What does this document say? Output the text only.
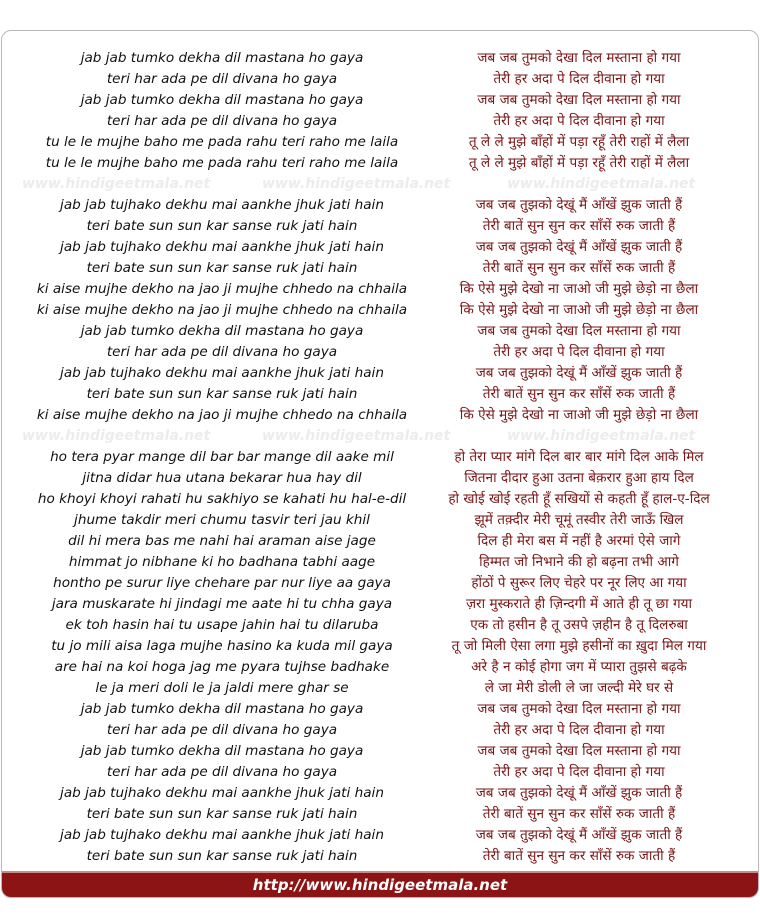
www.hindigeetmala.net	www.hindigeetmala.net	www.hindigeetmala.net
www.hindigeetmala.net	www.hindigeetmala.net	www.hindigeetmala.net
jab jab tumko dekha dil mastana ho gaya
teri har ada pe dil divana ho gaya
jab jab tumko dekha dil mastana ho gaya
teri har ada pe dil divana ho gaya
tu le le mujhe baho me pada rahu teri raho me laila
tu le le mujhe baho me pada rahu teri raho me laila
jab jab tujhako dekhu mai aankhe jhuk jati hain
teri bate sun sun kar sanse ruk jati hain
jab jab tujhako dekhu mai aankhe jhuk jati hain
teri bate sun sun kar sanse ruk jati hain
ki aise mujhe dekho na jao ji mujhe chhedo na chhaila
ki aise mujhe dekho na jao ji mujhe chhedo na chhaila
jab jab tumko dekha dil mastana ho gaya
teri har ada pe dil divana ho gaya
jab jab tujhako dekhu mai aankhe jhuk jati hain
teri bate sun sun kar sanse ruk jati hain
ki aise mujhe dekho na jao ji mujhe chhedo na chhaila
ho tera pyar mange dil bar bar mange dil aake mil
jitna didar hua utana bekarar hua hay dil
ho khoyi khoyi rahati hu sakhiyo se kahati hu hal-e-dil
jhume takdir meri chumu tasvir teri jau khil
dil hi mera bas me nahi hai araman aise jage
himmat jo nibhane ki ho badhana tabhi aage
hontho pe surur liye chehare par nur liye aa gaya
jara muskarate hi jindagi me aate hi tu chha gaya
ek toh hasin hai tu usape jahin hai tu dilaruba
tu jo mili aisa laga mujhe hasino ka kuda mil gaya
are hai na koi hoga jag me pyara tujhse badhake
le ja meri doli le ja jaldi mere ghar se
jab jab tumko dekha dil mastana ho gaya
teri har ada pe dil divana ho gaya
jab jab tumko dekha dil mastana ho gaya
teri har ada pe dil divana ho gaya
jab jab tujhako dekhu mai aankhe jhuk jati hain
teri bate sun sun kar sanse ruk jati hain
jab jab tujhako dekhu mai aankhe jhuk jati hain
teri bate sun sun kar sanse ruk jati hain
जब जब तुमको देखा दिल मस्ताना हो गया
तेरी हर अदा पे दिल दीवाना हो गया
जब जब तुमको देखा दिल मस्ताना हो गया
तेरी हर अदा पे दिल दीवाना हो गया
तू ले ले मुझे बाँहों में पड़ा रहूँ तेरी राहों में लैला
तू ले ले मुझे बाँहों में पड़ा रहूँ तेरी राहों में लैला
जब जब तुझको देखूं मैं आँखें झुक जाती हैं
तेरी बातें सुन सुन कर साँसें रुक जाती हैं
जब जब तुझको देखूं मैं आँखें झुक जाती हैं
तेरी बातें सुन सुन कर साँसें रुक जाती हैं
कि ऐसे मुझे देखो ना जाओ जी मुझे छेड़ो ना छैला
कि ऐसे मुझे देखो ना जाओ जी मुझे छेड़ो ना छैला
जब जब तुमको देखा दिल मस्ताना हो गया
तेरी हर अदा पे दिल दीवाना हो गया
जब जब तुझको देखूं मैं आँखें झुक जाती हैं
तेरी बातें सुन सुन कर साँसें रुक जाती हैं
कि ऐसे मुझे देखो ना जाओ जी मुझे छेड़ो ना छैला
हो तेरा प्यार मांगे दिल बार बार मांगे दिल आके मिल
जितना दीदार हुआ उतना बेक़रार हुआ हाय दिल
हो खोई खोई रहती हूँ सखियों से कहती हूँ हाल-ए-दिल
झूमें तक़्दीर मेरी चूमूं तस्वीर तेरी जाऊँ खिल
दिल ही मेरा बस में नहीं है अरमां ऐसे जागे
हिम्मत जो निभाने की हो बढ़ना तभी आगे
होंठों पे सुरूर लिए चेहरे पर नूर लिए आ गया
ज़रा मुस्कराते ही ज़िन्दगी में आते ही तू छा गया
एक तो हसीन है तू उसपे ज़हीन है तू दिलरुबा
तू जो मिली ऐसा लगा मुझे हसीनों का ख़ुदा मिल गया
अरे है न कोई होगा जग में प्यारा तुझसे बढ़के
ले जा मेरी डोली ले जा जल्दी मेरे घर से
जब जब तुमको देखा दिल मस्ताना हो गया
तेरी हर अदा पे दिल दीवाना हो गया
जब जब तुमको देखा दिल मस्ताना हो गया
तेरी हर अदा पे दिल दीवाना हो गया
जब जब तुझको देखूं मैं आँखें झुक जाती हैं
तेरी बातें सुन सुन कर साँसें रुक जाती हैं
जब जब तुझको देखूं मैं आँखें झुक जाती हैं
तेरी बातें सुन सुन कर साँसें रुक जाती हैं
http://www.hindigeetmala.net
